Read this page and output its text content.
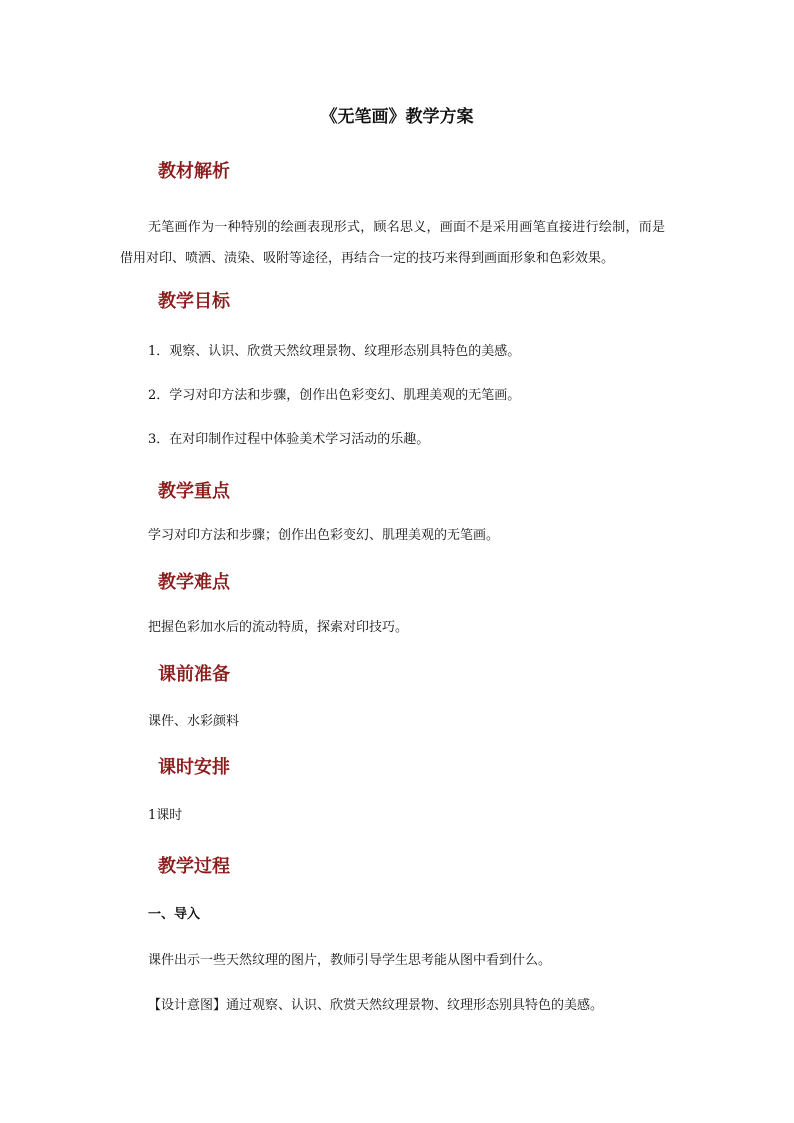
《无笔画》教学方案
教材解析

无笔画作为一种特别的绘画表现形式，顾名思义，画面不是采用画笔直接进行绘制，而是借用对印、喷洒、渍染、吸附等途径，再结合一定的技巧来得到画面形象和色彩效果。

教学目标

1．观察、认识、欣赏天然纹理景物、纹理形态别具特色的美感。

2．学习对印方法和步骤，创作出色彩变幻、肌理美观的无笔画。

3．在对印制作过程中体验美术学习活动的乐趣。

教学重点

学习对印方法和步骤；创作出色彩变幻、肌理美观的无笔画。

教学难点

把握色彩加水后的流动特质，探索对印技巧。

课前准备

课件、水彩颜料

课时安排

1课时

教学过程

一、导入

课件出示一些天然纹理的图片，教师引导学生思考能从图中看到什么。

【设计意图】通过观察、认识、欣赏天然纹理景物、纹理形态别具特色的美感。
